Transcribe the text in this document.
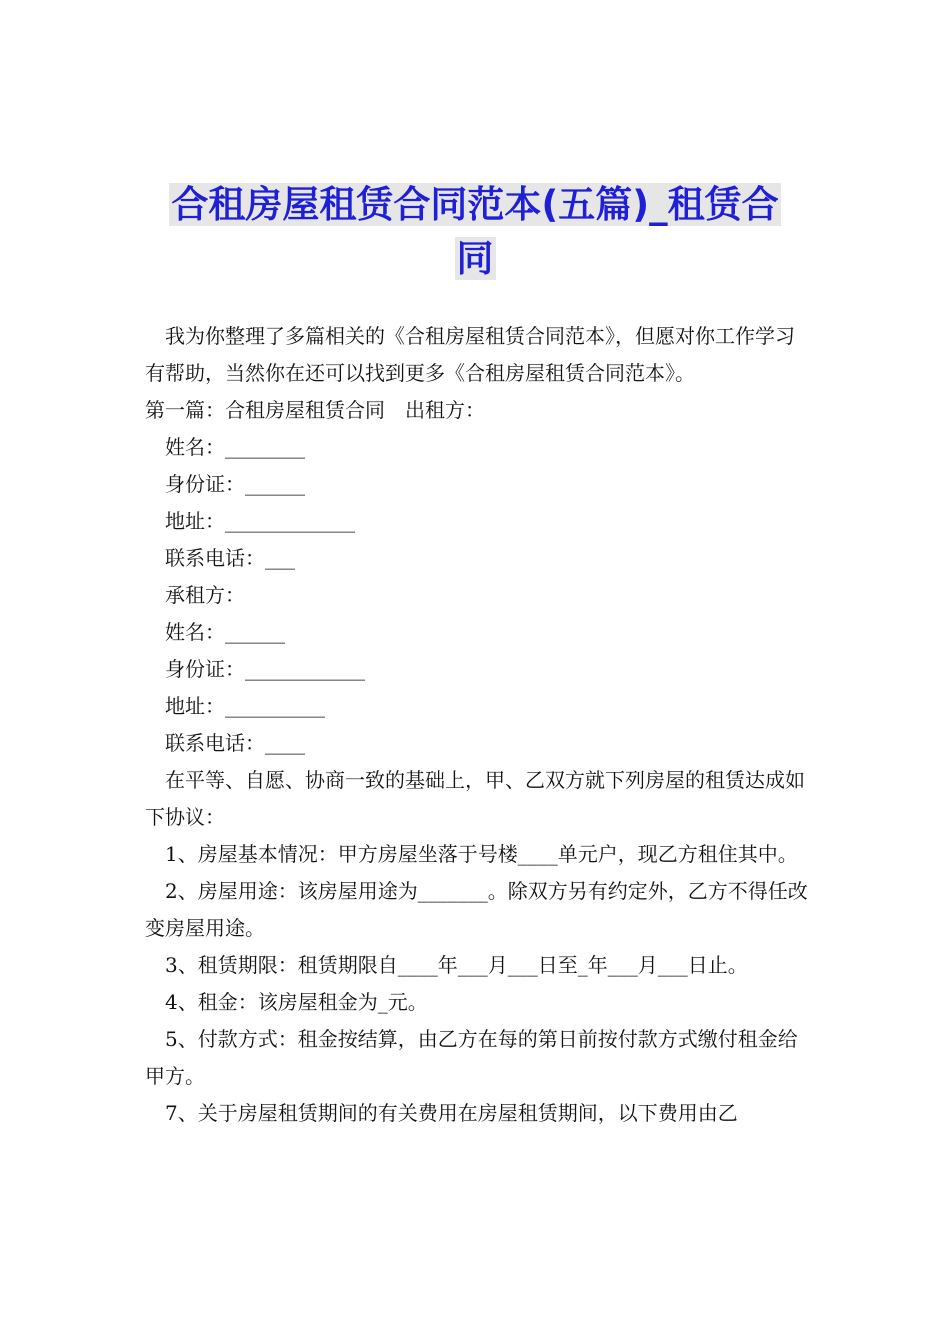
合租房屋租赁合同范本(五篇)_租赁合
同

我为你整理了多篇相关的《合租房屋租赁合同范本》，但愿对你工作学习有帮助，当然你在还可以找到更多《合租房屋租赁合同范本》。

第一篇：合租房屋租赁合同　出租方：

姓名：________

身份证：______

地址：_____________

联系电话：___

承租方：

姓名：______

身份证：____________

地址：__________

联系电话：____

在平等、自愿、协商一致的基础上，甲、乙双方就下列房屋的租赁达成如下协议：

1、房屋基本情况：甲方房屋坐落于号楼____单元户，现乙方租住其中。

2、房屋用途：该房屋用途为_______。除双方另有约定外，乙方不得任改变房屋用途。

3、租赁期限：租赁期限自____年___月___日至_年___月___日止。

4、租金：该房屋租金为_元。

5、付款方式：租金按结算，由乙方在每的第日前按付款方式缴付租金给甲方。

7、关于房屋租赁期间的有关费用在房屋租赁期间，以下费用由乙
